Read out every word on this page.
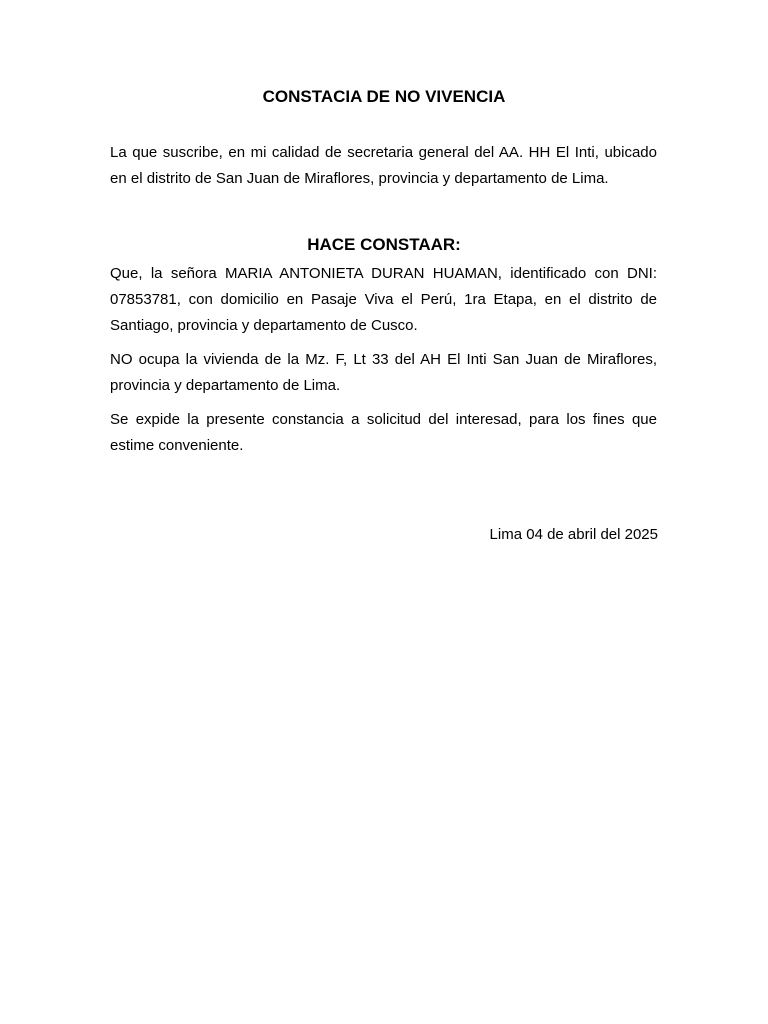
CONSTACIA DE NO VIVENCIA
La que suscribe, en mi calidad de secretaria general del AA. HH El Inti, ubicado en el distrito de San Juan de Miraflores, provincia y departamento de Lima.
HACE CONSTAAR:
Que, la señora MARIA ANTONIETA DURAN HUAMAN, identificado con DNI: 07853781, con domicilio en Pasaje Viva el Perú, 1ra Etapa, en el distrito de Santiago, provincia y departamento de Cusco.
NO ocupa la vivienda de la Mz. F, Lt 33 del AH El Inti San Juan de Miraflores, provincia y departamento de Lima.
Se expide la presente constancia a solicitud del interesad, para los fines que estime conveniente.
Lima 04 de abril del 2025
